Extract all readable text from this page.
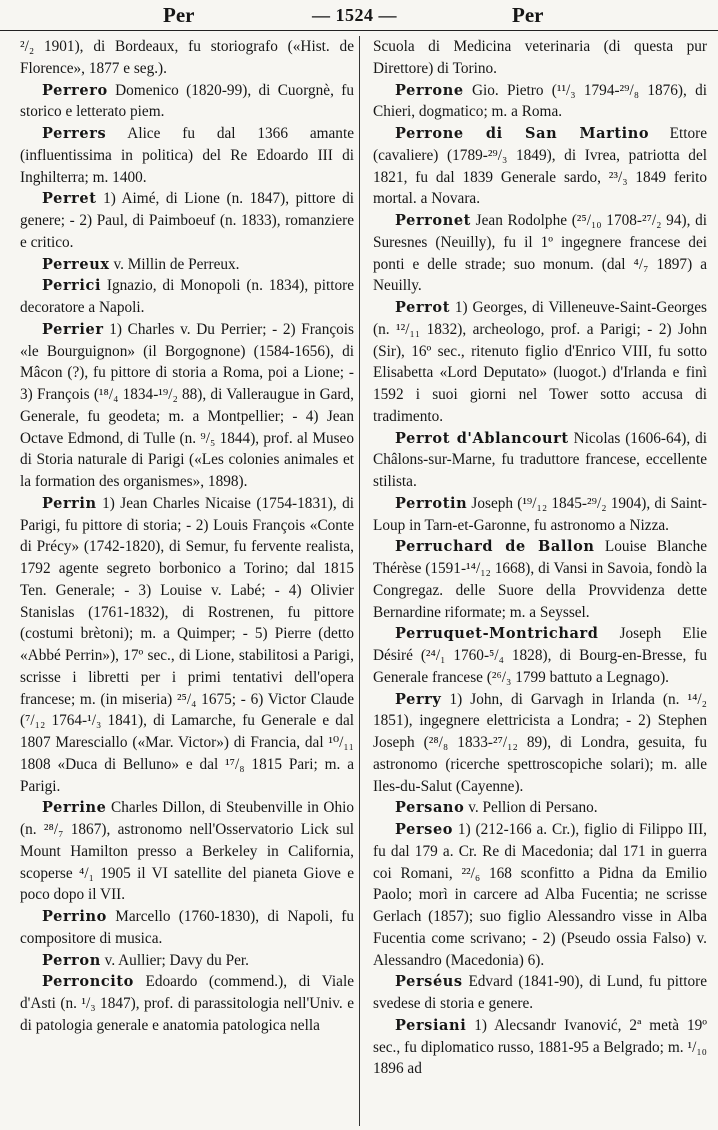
Per	— 1524 —	Per

²/₂ 1901), di Bordeaux, fu storiografo («Hist. de Florence», 1877 e seg.).

Perrero Domenico (1820-99), di Cuorgnè, fu storico e letterato piem.

Perrers Alice fu dal 1366 amante (influentissima in politica) del Re Edoardo III di Inghilterra; m. 1400.

Perret 1) Aimé, di Lione (n. 1847), pittore di genere; - 2) Paul, di Paimboeuf (n. 1833), romanziere e critico.

Perreux v. Millin de Perreux.

Perrici Ignazio, di Monopoli (n. 1834), pittore decoratore a Napoli.

Perrier 1) Charles v. Du Perrier; - 2) François «le Bourguignon» (il Borgognone) (1584-1656), di Mâcon (?), fu pittore di storia a Roma, poi a Lione; - 3) François (¹⁸/₄ 1834-¹⁹/₂ 88), di Valleraugue in Gard, Generale, fu geodeta; m. a Montpellier; - 4) Jean Octave Edmond, di Tulle (n. ⁹/₅ 1844), prof. al Museo di Storia naturale di Parigi («Les colonies animales et la formation des organismes», 1898).

Perrin 1) Jean Charles Nicaise (1754-1831), di Parigi, fu pittore di storia; - 2) Louis François «Conte di Précy» (1742-1820), di Semur, fu fervente realista, 1792 agente segreto borbonico a Torino; dal 1815 Ten. Generale; - 3) Louise v. Labé; - 4) Olivier Stanislas (1761-1832), di Rostrenen, fu pittore (costumi brètoni); m. a Quimper; - 5) Pierre (detto «Abbé Perrin»), 17º sec., di Lione, stabilitosi a Parigi, scrisse i libretti per i primi tentativi dell'opera francese; m. (in miseria) ²⁵/₄ 1675; - 6) Victor Claude (⁷/₁₂ 1764-¹/₃ 1841), di Lamarche, fu Generale e dal 1807 Maresciallo («Mar. Victor») di Francia, dal ¹⁰/₁₁ 1808 «Duca di Belluno» e dal ¹⁷/₈ 1815 Pari; m. a Parigi.

Perrine Charles Dillon, di Steubenville in Ohio (n. ²⁸/₇ 1867), astronomo nell'Osservatorio Lick sul Mount Hamilton presso a Berkeley in California, scoperse ⁴/₁ 1905 il VI satellite del pianeta Giove e poco dopo il VII.

Perrino Marcello (1760-1830), di Napoli, fu compositore di musica.

Perron v. Aullier; Davy du Per.

Perroncito Edoardo (commend.), di Viale d'Asti (n. ¹/₃ 1847), prof. di parassitologia nell'Univ. e di patologia generale e anatomia patologica nella

Scuola di Medicina veterinaria (di questa pur Direttore) di Torino.

Perrone Gio. Pietro (¹¹/₃ 1794-²⁹/₈ 1876), di Chieri, dogmatico; m. a Roma.

Perrone di San Martino Ettore (cavaliere) (1789-²⁹/₃ 1849), di Ivrea, patriotta del 1821, fu dal 1839 Generale sardo, ²³/₃ 1849 ferito mortal. a Novara.

Perronet Jean Rodolphe (²⁵/₁₀ 1708-²⁷/₂ 94), di Suresnes (Neuilly), fu il 1º ingegnere francese dei ponti e delle strade; suo monum. (dal ⁴/₇ 1897) a Neuilly.

Perrot 1) Georges, di Villeneuve-Saint-Georges (n. ¹²/₁₁ 1832), archeologo, prof. a Parigi; - 2) John (Sir), 16º sec., ritenuto figlio d'Enrico VIII, fu sotto Elisabetta «Lord Deputato» (luogot.) d'Irlanda e finì 1592 i suoi giorni nel Tower sotto accusa di tradimento.

Perrot d'Ablancourt Nicolas (1606-64), di Châlons-sur-Marne, fu traduttore francese, eccellente stilista.

Perrotin Joseph (¹⁹/₁₂ 1845-²⁹/₂ 1904), di Saint-Loup in Tarn-et-Garonne, fu astronomo a Nizza.

Perruchard de Ballon Louise Blanche Thérèse (1591-¹⁴/₁₂ 1668), di Vansi in Savoia, fondò la Congregaz. delle Suore della Provvidenza dette Bernardine riformate; m. a Seyssel.

Perruquet-Montrichard Joseph Elie Désiré (²⁴/₁ 1760-⁵/₄ 1828), di Bourg-en-Bresse, fu Generale francese (²⁶/₃ 1799 battuto a Legnago).

Perry 1) John, di Garvagh in Irlanda (n. ¹⁴/₂ 1851), ingegnere elettricista a Londra; - 2) Stephen Joseph (²⁸/₈ 1833-²⁷/₁₂ 89), di Londra, gesuita, fu astronomo (ricerche spettroscopiche solari); m. alle Iles-du-Salut (Cayenne).

Persano v. Pellion di Persano.

Perseo 1) (212-166 a. Cr.), figlio di Filippo III, fu dal 179 a. Cr. Re di Macedonia; dal 171 in guerra coi Romani, ²²/₆ 168 sconfitto a Pidna da Emilio Paolo; morì in carcere ad Alba Fucentia; ne scrisse Gerlach (1857); suo figlio Alessandro visse in Alba Fucentia come scrivano; - 2) (Pseudo ossia Falso) v. Alessandro (Macedonia) 6).

Perséus Edvard (1841-90), di Lund, fu pittore svedese di storia e genere.

Persiani 1) Alecsandr Ivanović, 2ª metà 19º sec., fu diplomatico russo, 1881-95 a Belgrado; m. ¹/₁₀ 1896 ad
